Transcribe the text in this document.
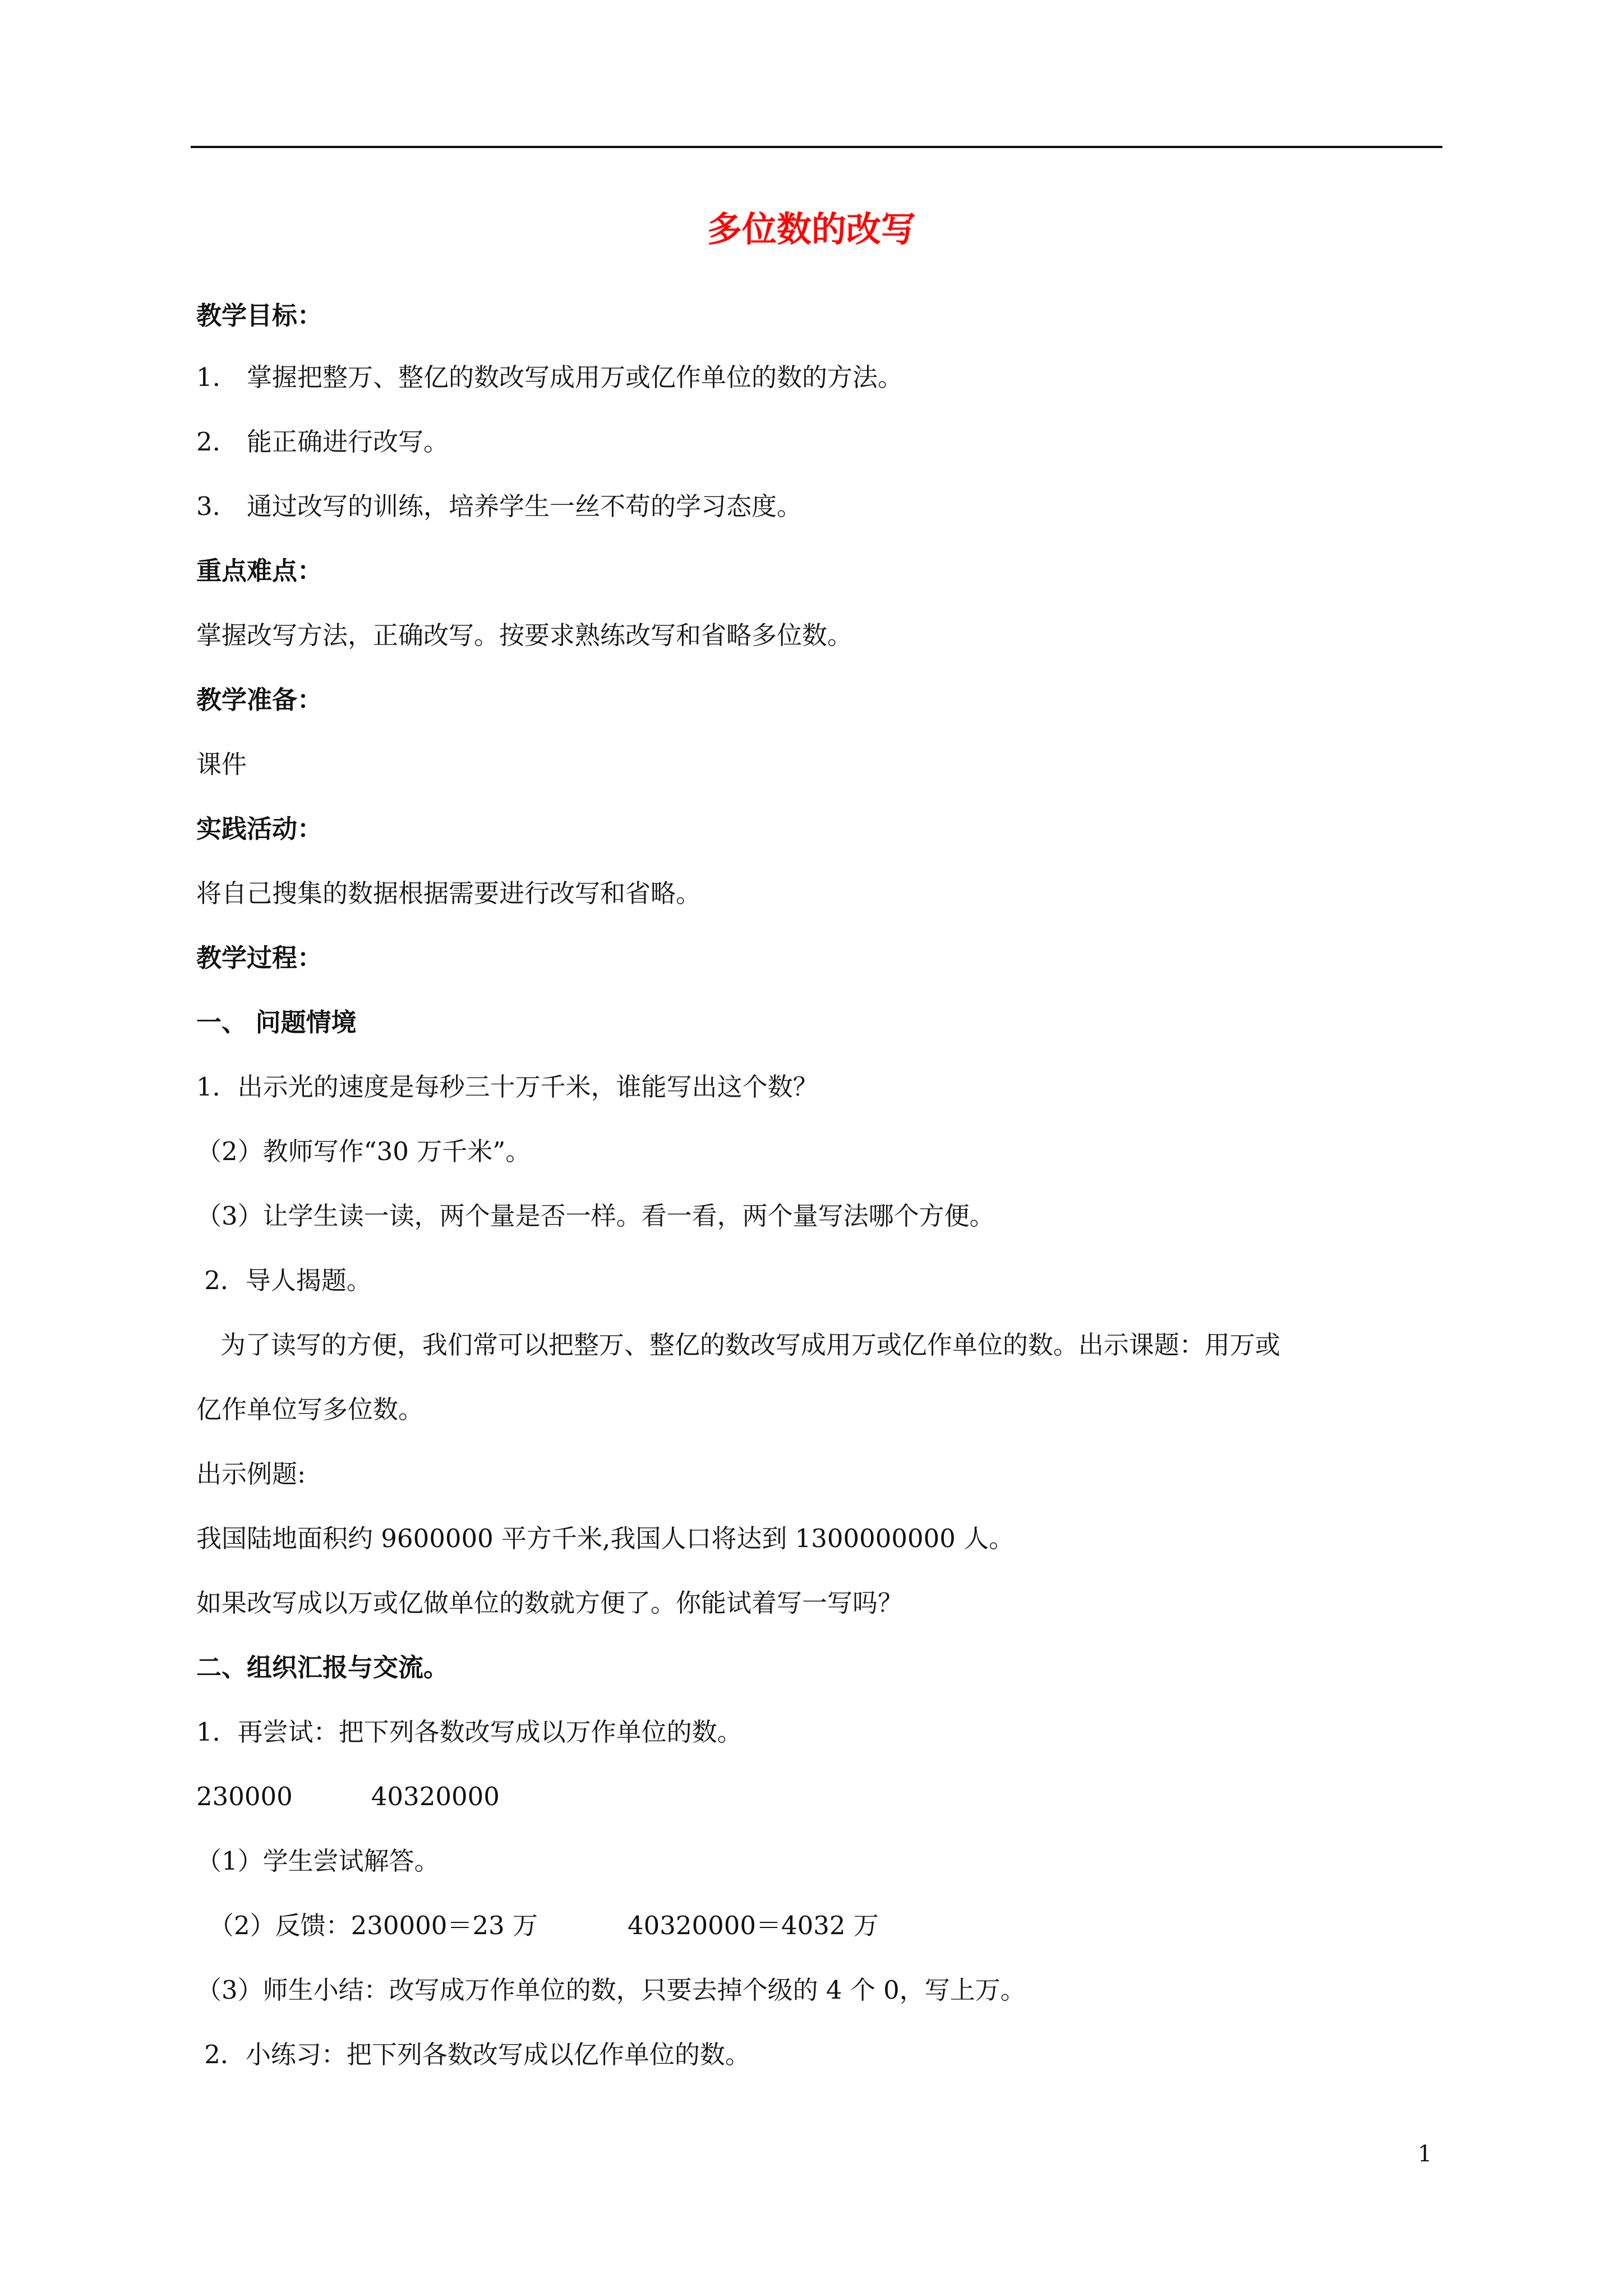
多位数的改写
教学目标：
1. 掌握把整万、整亿的数改写成用万或亿作单位的数的方法。
2. 能正确进行改写。
3. 通过改写的训练，培养学生一丝不苟的学习态度。
重点难点：
掌握改写方法，正确改写。按要求熟练改写和省略多位数。
教学准备：
课件
实践活动：
将自己搜集的数据根据需要进行改写和省略。
教学过程：
一、 问题情境
1．出示光的速度是每秒三十万千米，谁能写出这个数？
（2）教师写作“30 万千米”。
（3）让学生读一读，两个量是否一样。看一看，两个量写法哪个方便。
2．导人揭题。
为了读写的方便，我们常可以把整万、整亿的数改写成用万或亿作单位的数。出示课题：用万或
亿作单位写多位数。
出示例题:
我国陆地面积约 9600000 平方千米,我国人口将达到 1300000000 人。
如果改写成以万或亿做单位的数就方便了。你能试着写一写吗？
二、组织汇报与交流。
1．再尝试：把下列各数改写成以万作单位的数。
230000	40320000
（1）学生尝试解答。
（2）反馈：230000＝23 万	40320000＝4032 万
（3）师生小结：改写成万作单位的数，只要去掉个级的 4 个 0，写上万。
2．小练习：把下列各数改写成以亿作单位的数。
1
